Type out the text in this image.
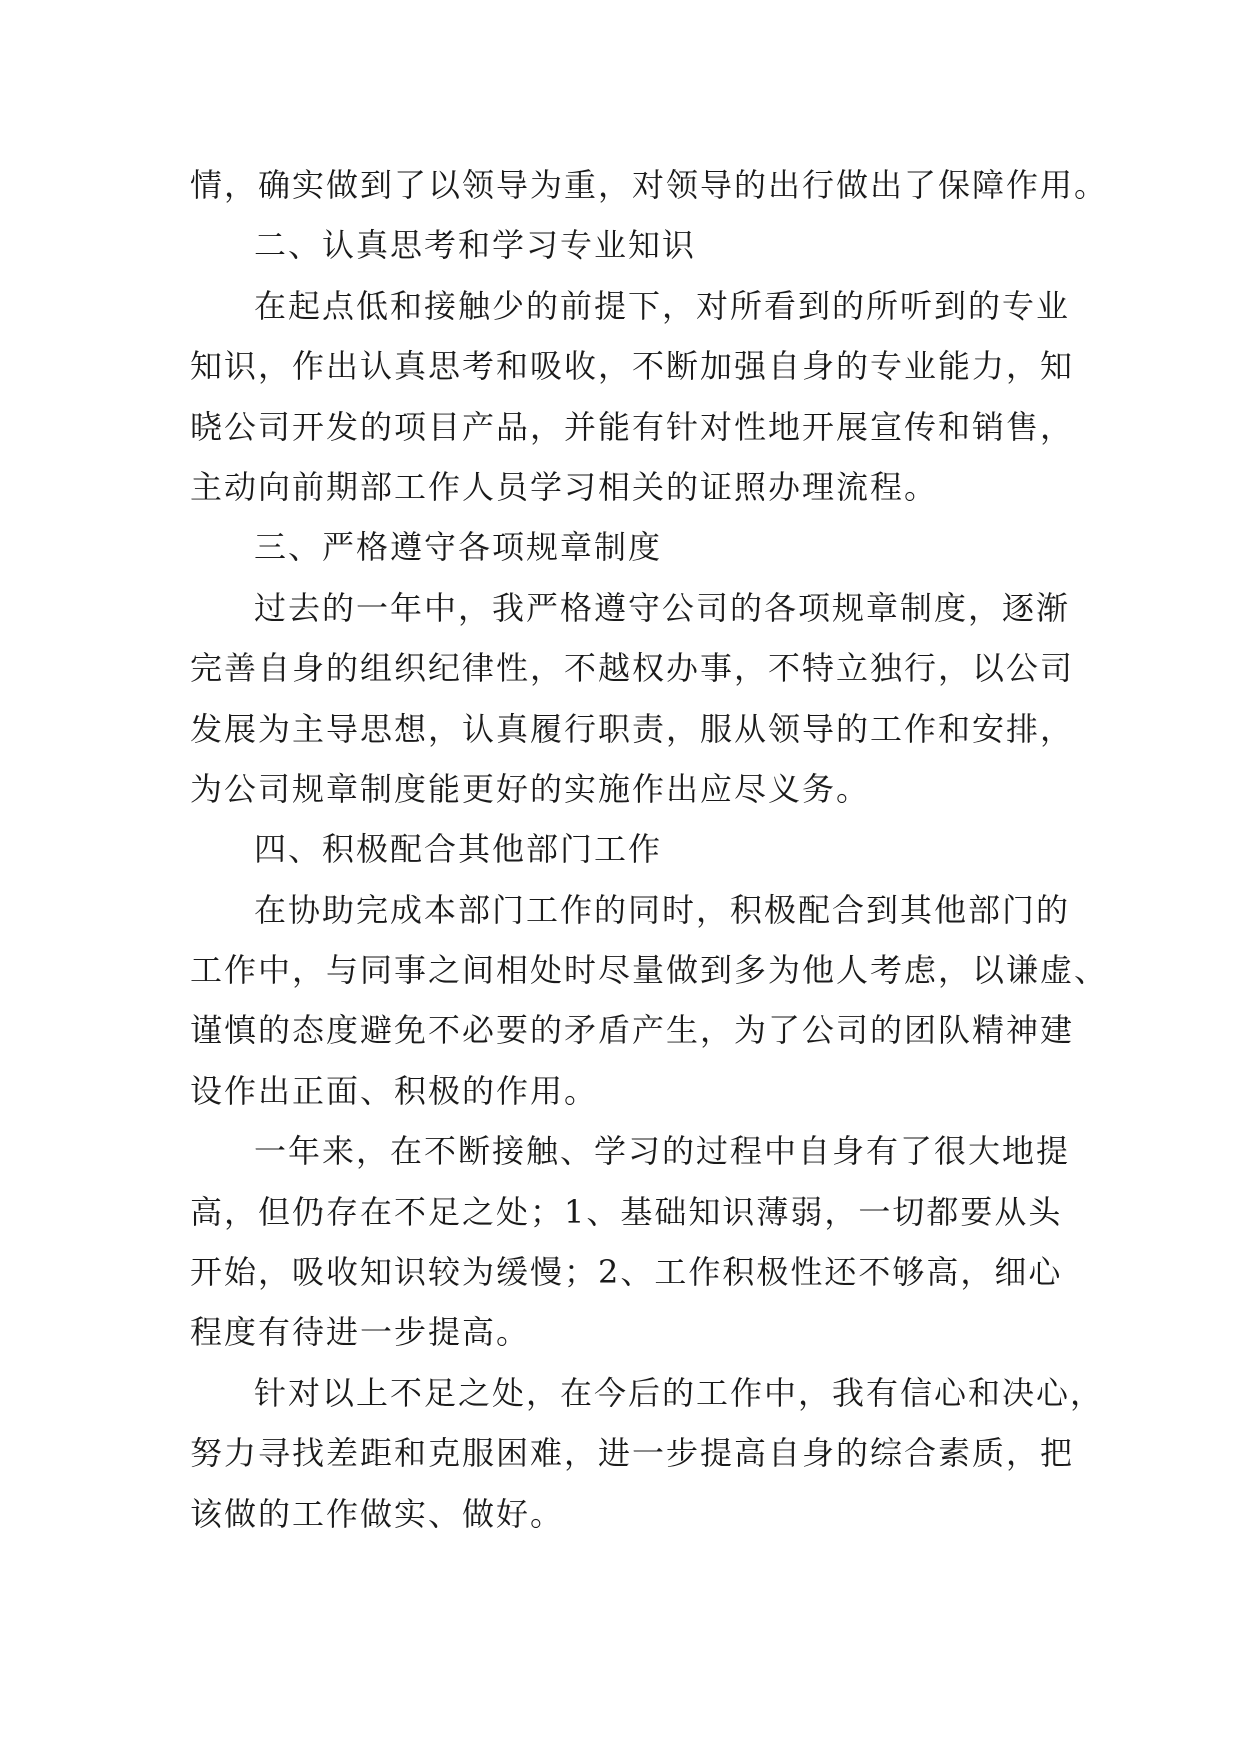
情，确实做到了以领导为重，对领导的出行做出了保障作用。
二、认真思考和学习专业知识
在起点低和接触少的前提下，对所看到的所听到的专业
知识，作出认真思考和吸收，不断加强自身的专业能力，知
晓公司开发的项目产品，并能有针对性地开展宣传和销售，
主动向前期部工作人员学习相关的证照办理流程。
三、严格遵守各项规章制度
过去的一年中，我严格遵守公司的各项规章制度，逐渐
完善自身的组织纪律性，不越权办事，不特立独行，以公司
发展为主导思想，认真履行职责，服从领导的工作和安排，
为公司规章制度能更好的实施作出应尽义务。
四、积极配合其他部门工作
在协助完成本部门工作的同时，积极配合到其他部门的
工作中，与同事之间相处时尽量做到多为他人考虑，以谦虚、
谨慎的态度避免不必要的矛盾产生，为了公司的团队精神建
设作出正面、积极的作用。
一年来，在不断接触、学习的过程中自身有了很大地提
高，但仍存在不足之处；1、基础知识薄弱，一切都要从头
开始，吸收知识较为缓慢；2、工作积极性还不够高，细心
程度有待进一步提高。
针对以上不足之处，在今后的工作中，我有信心和决心，
努力寻找差距和克服困难，进一步提高自身的综合素质，把
该做的工作做实、做好。
